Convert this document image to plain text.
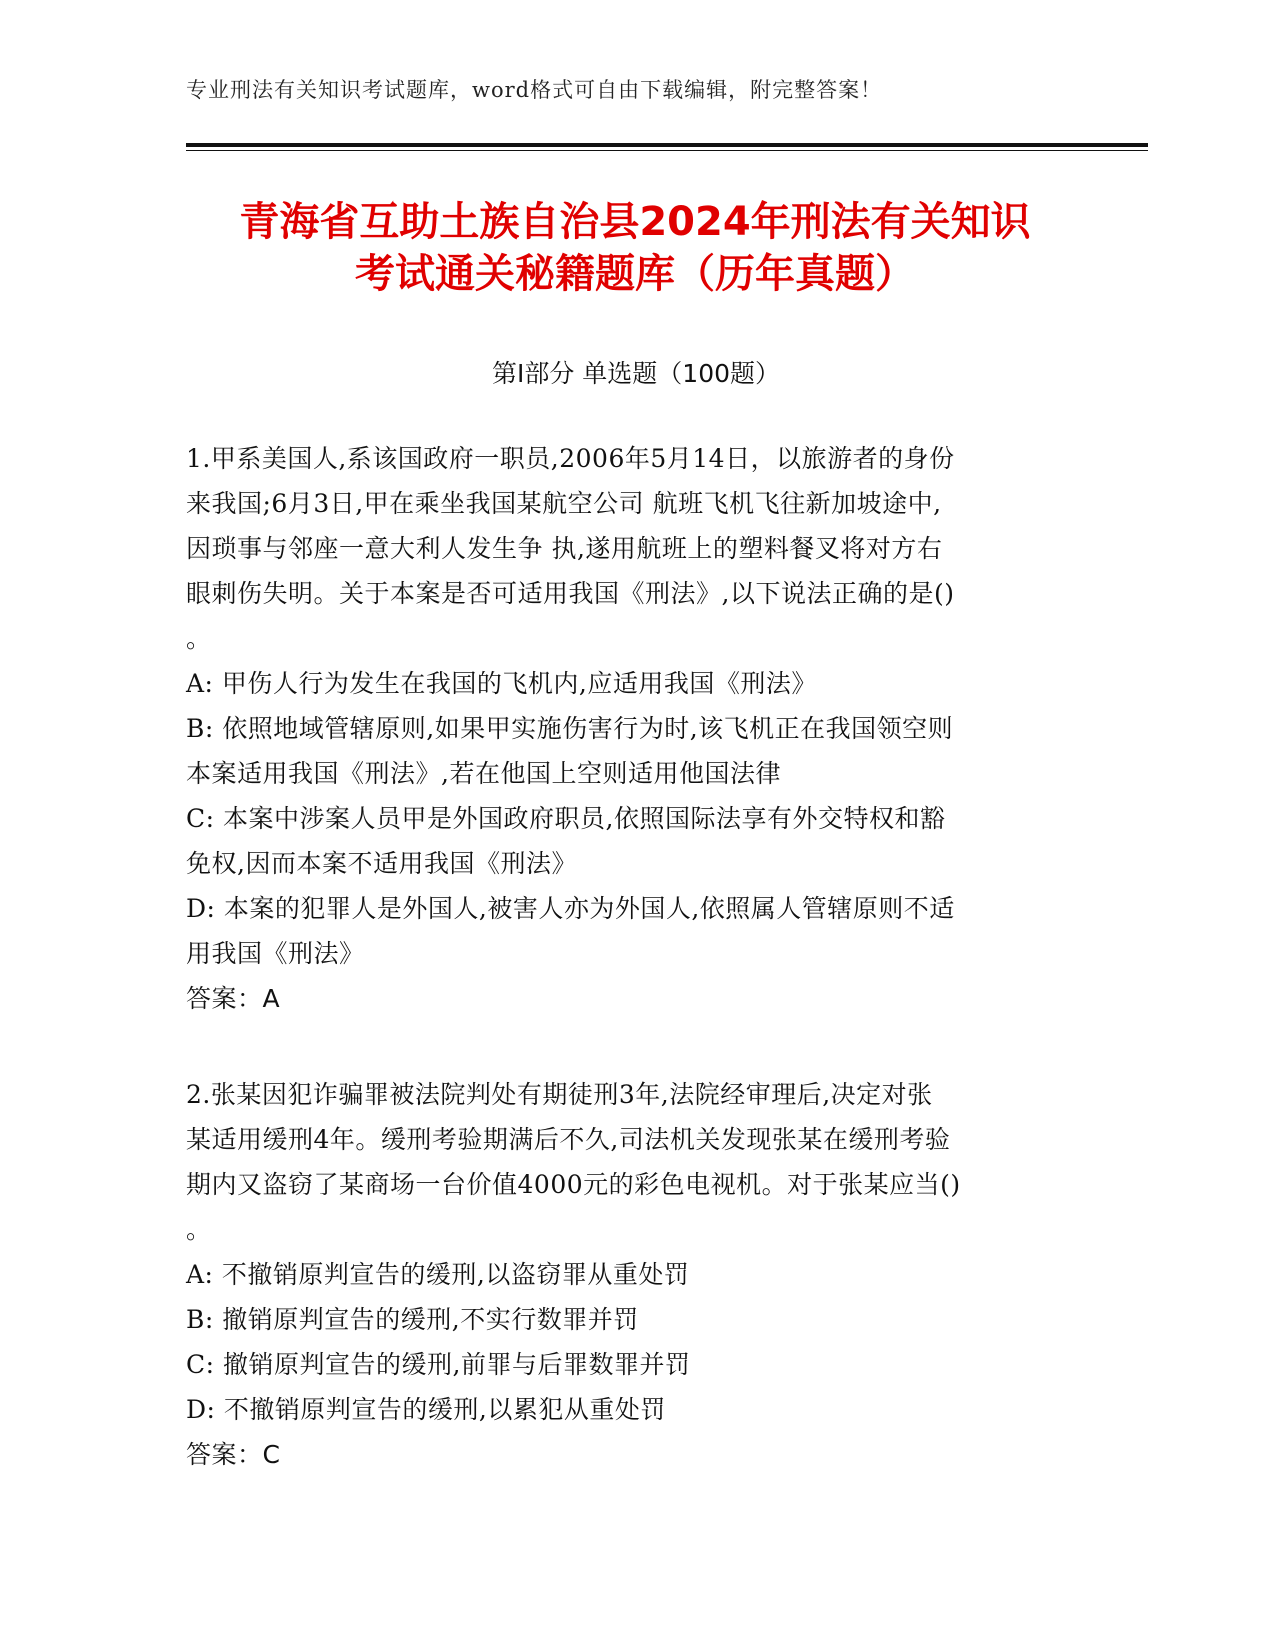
专业刑法有关知识考试题库，word格式可自由下载编辑，附完整答案！
青海省互助土族自治县2024年刑法有关知识
考试通关秘籍题库（历年真题）
第I部分 单选题（100题）
1.甲系美国人,系该国政府一职员,2006年5月14日，以旅游者的身份
来我国;6月3日,甲在乘坐我国某航空公司 航班飞机飞往新加坡途中,
因琐事与邻座一意大利人发生争 执,遂用航班上的塑料餐叉将对方右
眼刺伤失明。关于本案是否可适用我国《刑法》,以下说法正确的是()
。
A: 甲伤人行为发生在我国的飞机内,应适用我国《刑法》
B: 依照地域管辖原则,如果甲实施伤害行为时,该飞机正在我国领空则
本案适用我国《刑法》,若在他国上空则适用他国法律
C: 本案中涉案人员甲是外国政府职员,依照国际法享有外交特权和豁
免权,因而本案不适用我国《刑法》
D: 本案的犯罪人是外国人,被害人亦为外国人,依照属人管辖原则不适
用我国《刑法》
答案：A
2.张某因犯诈骗罪被法院判处有期徒刑3年,法院经审理后,决定对张
某适用缓刑4年。缓刑考验期满后不久,司法机关发现张某在缓刑考验
期内又盗窃了某商场一台价值4000元的彩色电视机。对于张某应当()
。
A: 不撤销原判宣告的缓刑,以盗窃罪从重处罚
B: 撤销原判宣告的缓刑,不实行数罪并罚
C: 撤销原判宣告的缓刑,前罪与后罪数罪并罚
D: 不撤销原判宣告的缓刑,以累犯从重处罚
答案：C
